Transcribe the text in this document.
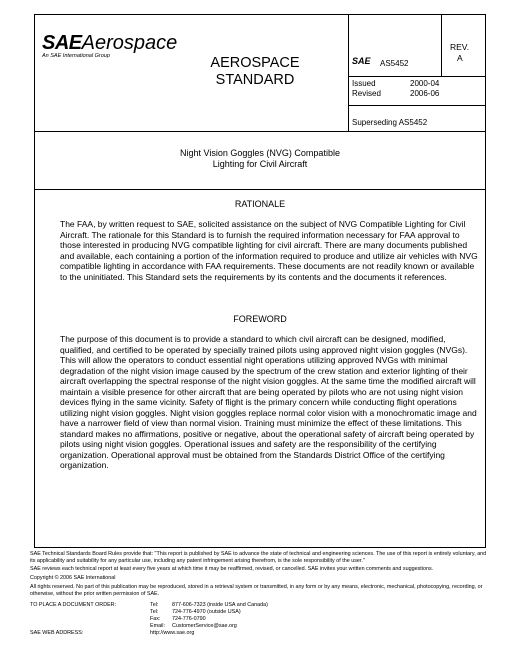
SAEAerospace
An SAE International Group	AEROSPACE
STANDARD
SAE AS5452
REV.
A
Issued	2000-04
Revised	2006-06
Superseding AS5452
Night Vision Goggles (NVG) Compatible
Lighting for Civil Aircraft
RATIONALE

The FAA, by written request to SAE, solicited assistance on the subject of NVG Compatible Lighting for Civil Aircraft. The rationale for this Standard is to furnish the required information necessary for FAA approval to those interested in producing NVG compatible lighting for civil aircraft. There are many documents published and available, each containing a portion of the information required to produce and utilize air vehicles with NVG compatible lighting in accordance with FAA requirements. These documents are not readily known or available to the uninitiated. This Standard sets the requirements by its contents and the documents it references.

FOREWORD

The purpose of this document is to provide a standard to which civil aircraft can be designed, modified, qualified, and certified to be operated by specially trained pilots using approved night vision goggles (NVGs). This will allow the operators to conduct essential night operations utilizing approved NVGs with minimal degradation of the night vision image caused by the spectrum of the crew station and exterior lighting of their aircraft overlapping the spectral response of the night vision goggles. At the same time the modified aircraft will maintain a visible presence for other aircraft that are being operated by pilots who are not using night vision devices flying in the same vicinity. Safety of flight is the primary concern while conducting flight operations utilizing night vision goggles. Night vision goggles replace normal color vision with a monochromatic image and have a narrower field of view than normal vision. Training must minimize the effect of these limitations. This standard makes no affirmations, positive or negative, about the operational safety of aircraft being operated by pilots using night vision goggles. Operational issues and safety are the responsibility of the certifying organization. Operational approval must be obtained from the Standards District Office of the certifying organization.

SAE Technical Standards Board Rules provide that: "This report is published by SAE to advance the state of technical and engineering sciences. The use of this report is entirely voluntary, and its applicability and suitability for any particular use, including any patent infringement arising therefrom, is the sole responsibility of the user."
SAE reviews each technical report at least every five years at which time it may be reaffirmed, revised, or cancelled. SAE invites your written comments and suggestions.
Copyright © 2006 SAE International
All rights reserved. No part of this publication may be reproduced, stored in a retrieval system or transmitted, in any form or by any means, electronic, mechanical, photocopying, recording, or otherwise, without the prior written permission of SAE.
TO PLACE A DOCUMENT ORDER:	Tel:	877-606-7323 (inside USA and Canada)
Tel:	724-776-4970 (outside USA)
Fax: 724-776-0790
Email: CustomerService@sae.org
SAE WEB ADDRESS:	http://www.sae.org
